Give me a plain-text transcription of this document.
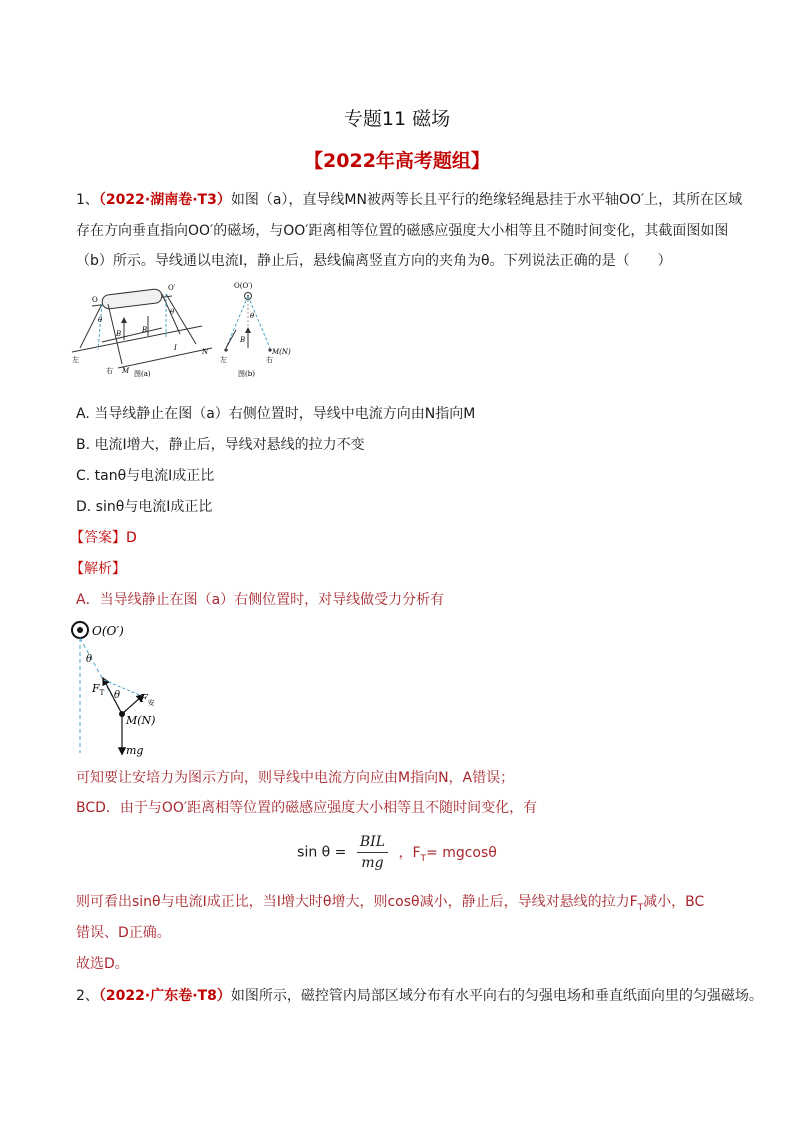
专题11 磁场
【2022年高考题组】
1、（2022·湖南卷·T3）如图（a），直导线MN被两等长且平行的绝缘轻绳悬挂于水平轴OO′上，其所在区域
存在方向垂直指向OO′的磁场，与OO′距离相等位置的磁感应强度大小相等且不随时间变化，其截面图如图
（b）所示。导线通以电流I，静止后，悬线偏离竖直方向的夹角为θ。下列说法正确的是（　　）
O
O′
θ
θ
B	B
I	N
M
左
右	图(a)
O(O′)
θ
B
M(N)
左	右
图(b)
A. 当导线静止在图（a）右侧位置时，导线中电流方向由N指向M
B. 电流I增大，静止后，导线对悬线的拉力不变
C. tanθ与电流I成正比
D. sinθ与电流I成正比
【答案】D
【解析】
A．当导线静止在图（a）右侧位置时，对导线做受力分析有
O(O′)
θ
θ
$F_T$	$F_安$
M(N)
mg
可知要让安培力为图示方向，则导线中电流方向应由M指向N，A错误；
BCD．由于与OO′距离相等位置的磁感应强度大小相等且不随时间变化，有
$\sin \theta = \frac{\text{BIL}}{mg}$ ，$F_T= mgcos\theta$
则可看出sinθ与电流I成正比，当I增大时θ增大，则cosθ减小，静止后，导线对悬线的拉力$F_T$减小，BC
错误、D正确。
故选D。
2、（2022·广东卷·T8）如图所示，磁控管内局部区域分布有水平向右的匀强电场和垂直纸面向里的匀强磁场。
